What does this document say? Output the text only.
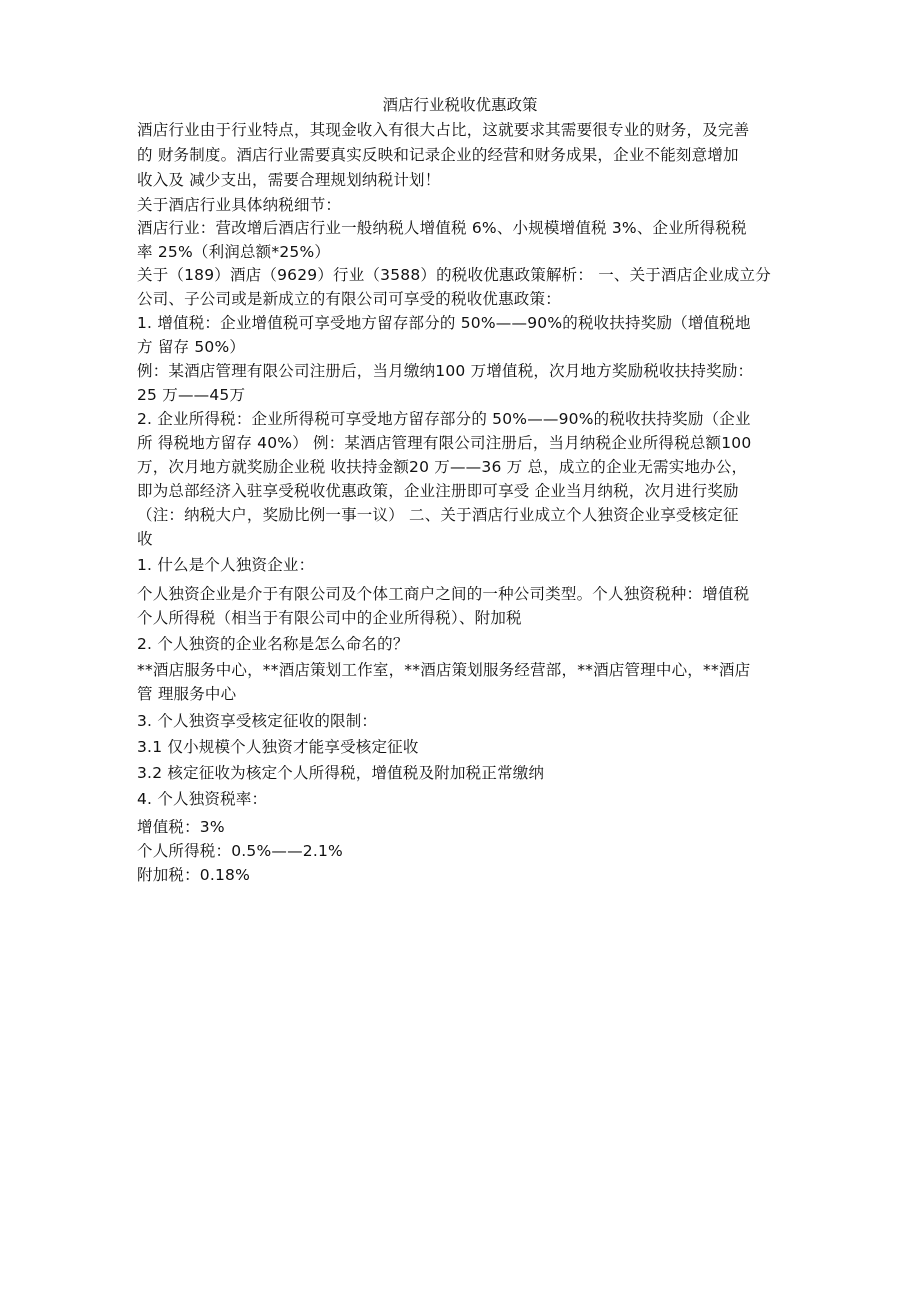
酒店行业税收优惠政策
酒店行业由于行业特点，其现金收入有很大占比，这就要求其需要很专业的财务，及完善
的 财务制度。酒店行业需要真实反映和记录企业的经营和财务成果，企业不能刻意增加
收入及 减少支出，需要合理规划纳税计划！
关于酒店行业具体纳税细节：
酒店行业：营改增后酒店行业一般纳税人增值税 6%、小规模增值税 3%、企业所得税税
率 25%（利润总额*25%）
关于（189）酒店（9629）行业（3588）的税收优惠政策解析： 一、关于酒店企业成立分
公司、子公司或是新成立的有限公司可享受的税收优惠政策：
1. 增值税：企业增值税可享受地方留存部分的 50%——90%的税收扶持奖励（增值税地
方 留存 50%）
例：某酒店管理有限公司注册后，当月缴纳100 万增值税，次月地方奖励税收扶持奖励：
25 万——45万
2. 企业所得税：企业所得税可享受地方留存部分的 50%——90%的税收扶持奖励（企业
所 得税地方留存 40%） 例：某酒店管理有限公司注册后，当月纳税企业所得税总额100
万，次月地方就奖励企业税 收扶持金额20 万——36 万 总，成立的企业无需实地办公，
即为总部经济入驻享受税收优惠政策，企业注册即可享受 企业当月纳税，次月进行奖励
（注：纳税大户，奖励比例一事一议） 二、关于酒店行业成立个人独资企业享受核定征
收
1. 什么是个人独资企业：
个人独资企业是介于有限公司及个体工商户之间的一种公司类型。个人独资税种：增值税
个人所得税（相当于有限公司中的企业所得税）、附加税
2. 个人独资的企业名称是怎么命名的？
**酒店服务中心，**酒店策划工作室，**酒店策划服务经营部，**酒店管理中心，**酒店
管 理服务中心
3. 个人独资享受核定征收的限制：
3.1 仅小规模个人独资才能享受核定征收
3.2 核定征收为核定个人所得税，增值税及附加税正常缴纳
4. 个人独资税率：
增值税：3%
个人所得税：0.5%——2.1%
附加税：0.18%
